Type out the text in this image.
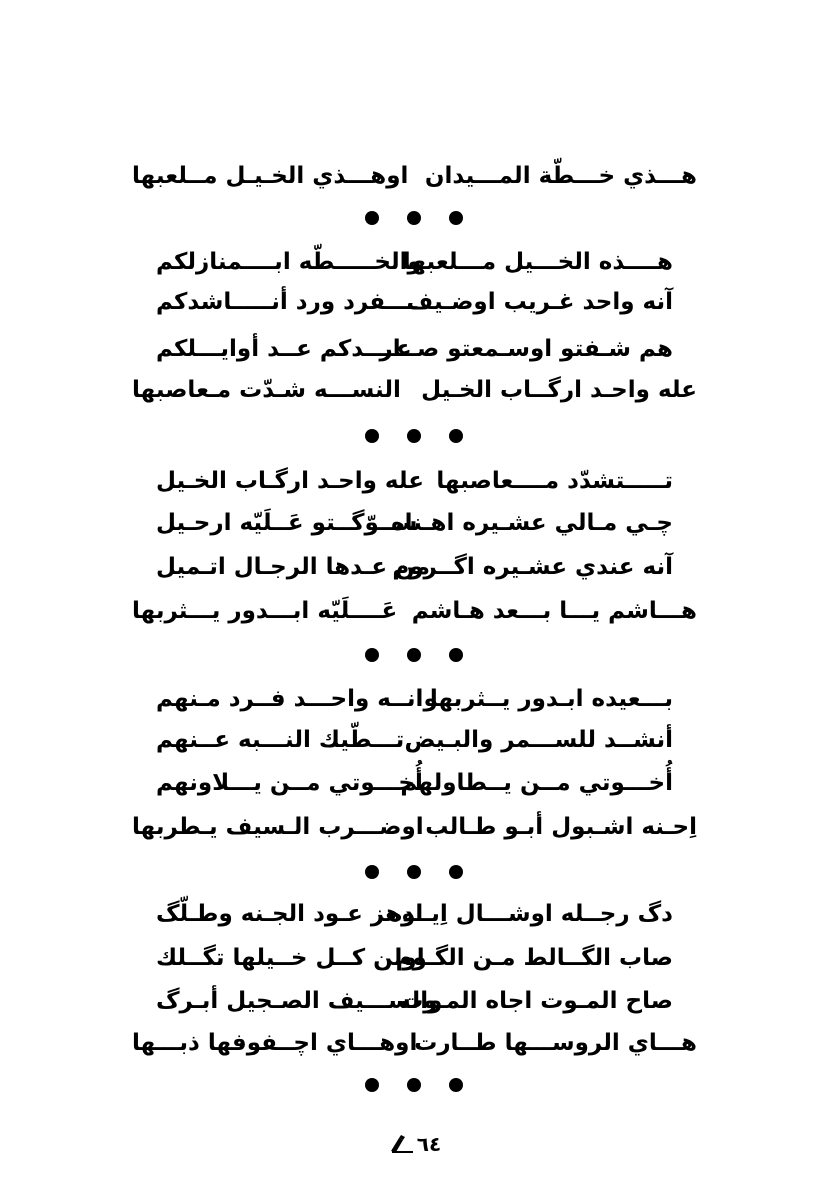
هـــذي خـــطّة المـــيدان
اوهـــذي الخـيـل مــلعبها
هــــذه الخـــيل مـــلعبها
والخـــــطّه ابــــمنازلكم
آنه واحد غـريب اوضـيف
ــــفرد ورد أنـــــاشدكم
هم شـفتو اوسـمعتو صــار
عــــدكم عــد أوايـــلكم
عله واحـد ارگــاب الخـيل
النســـه شـدّت مـعاصبها
تـــــتشدّد مــــعاصبها
عله واحـد ارگـاب الخـيل
چـي مـالي عشـيره اهـناه
ســوّگــتو عَــلَيّه ارحـيل
آنه عندي عشـيره اگــروم
من عـدها الرجـال اتـميل
هـــاشم يـــا بـــعد هـاشم
عَــــلَيّه ابـــدور يـــثربها
بـــعيده ابـدور يــثربها
وانــه واحـــد فــرد مـنهم
أنشــد للســـمر والبـيض
تـــطّيك النـــبه عــنهم
أُخـــوتي مــن يــطاولهم
أُخـــوتي مــن يـــلاونهم
اِحـنه اشـبول أبـو طـالب
اوضـــرب الـسيف يـطربها
دگ رجــله اوشـــال اِيــده
اوهز عـود الجـنه وطـلّگ
صاب الگــالط مـن الگـوم
اولن كــل خــيلها تگــلك
صاح المـوت اجاه المـوت
والســـيف الصـجيل أبـرگ
هـــاي الروســـها طــارت
اوهـــاي اچــفوفها ذبـــها
٦٤
